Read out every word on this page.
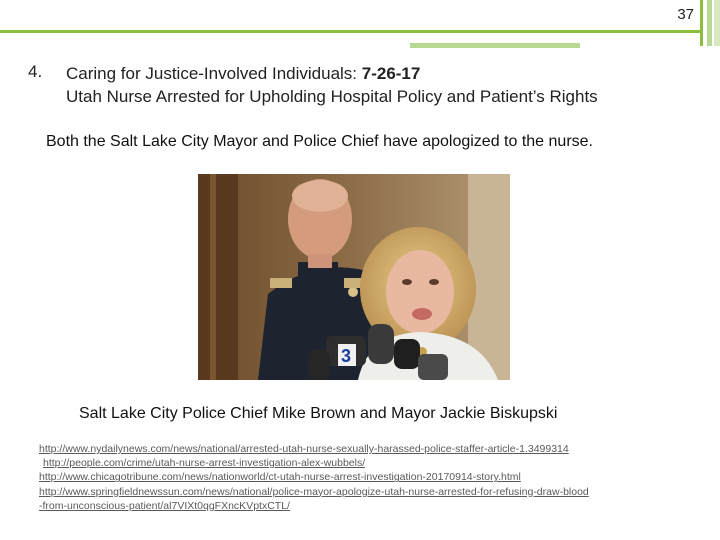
37
4. Caring for Justice-Involved Individuals: 7-26-17
Utah Nurse Arrested for Upholding Hospital Policy and Patient’s Rights
Both the Salt Lake City Mayor and Police Chief have apologized to the nurse.
3
Salt Lake City Police Chief Mike Brown and Mayor Jackie Biskupski
http://www.nydailynews.com/news/national/arrested-utah-nurse-sexually-harassed-police-staffer-article-1.3499314
http://people.com/crime/utah-nurse-arrest-investigation-alex-wubbels/
http://www.chicagotribune.com/news/nationworld/ct-utah-nurse-arrest-investigation-20170914-story.html
http://www.springfieldnewssun.com/news/national/police-mayor-apologize-utah-nurse-arrested-for-refusing-draw-blood
-from-unconscious-patient/al7VIXt0qgFXncKVptxCTL/
